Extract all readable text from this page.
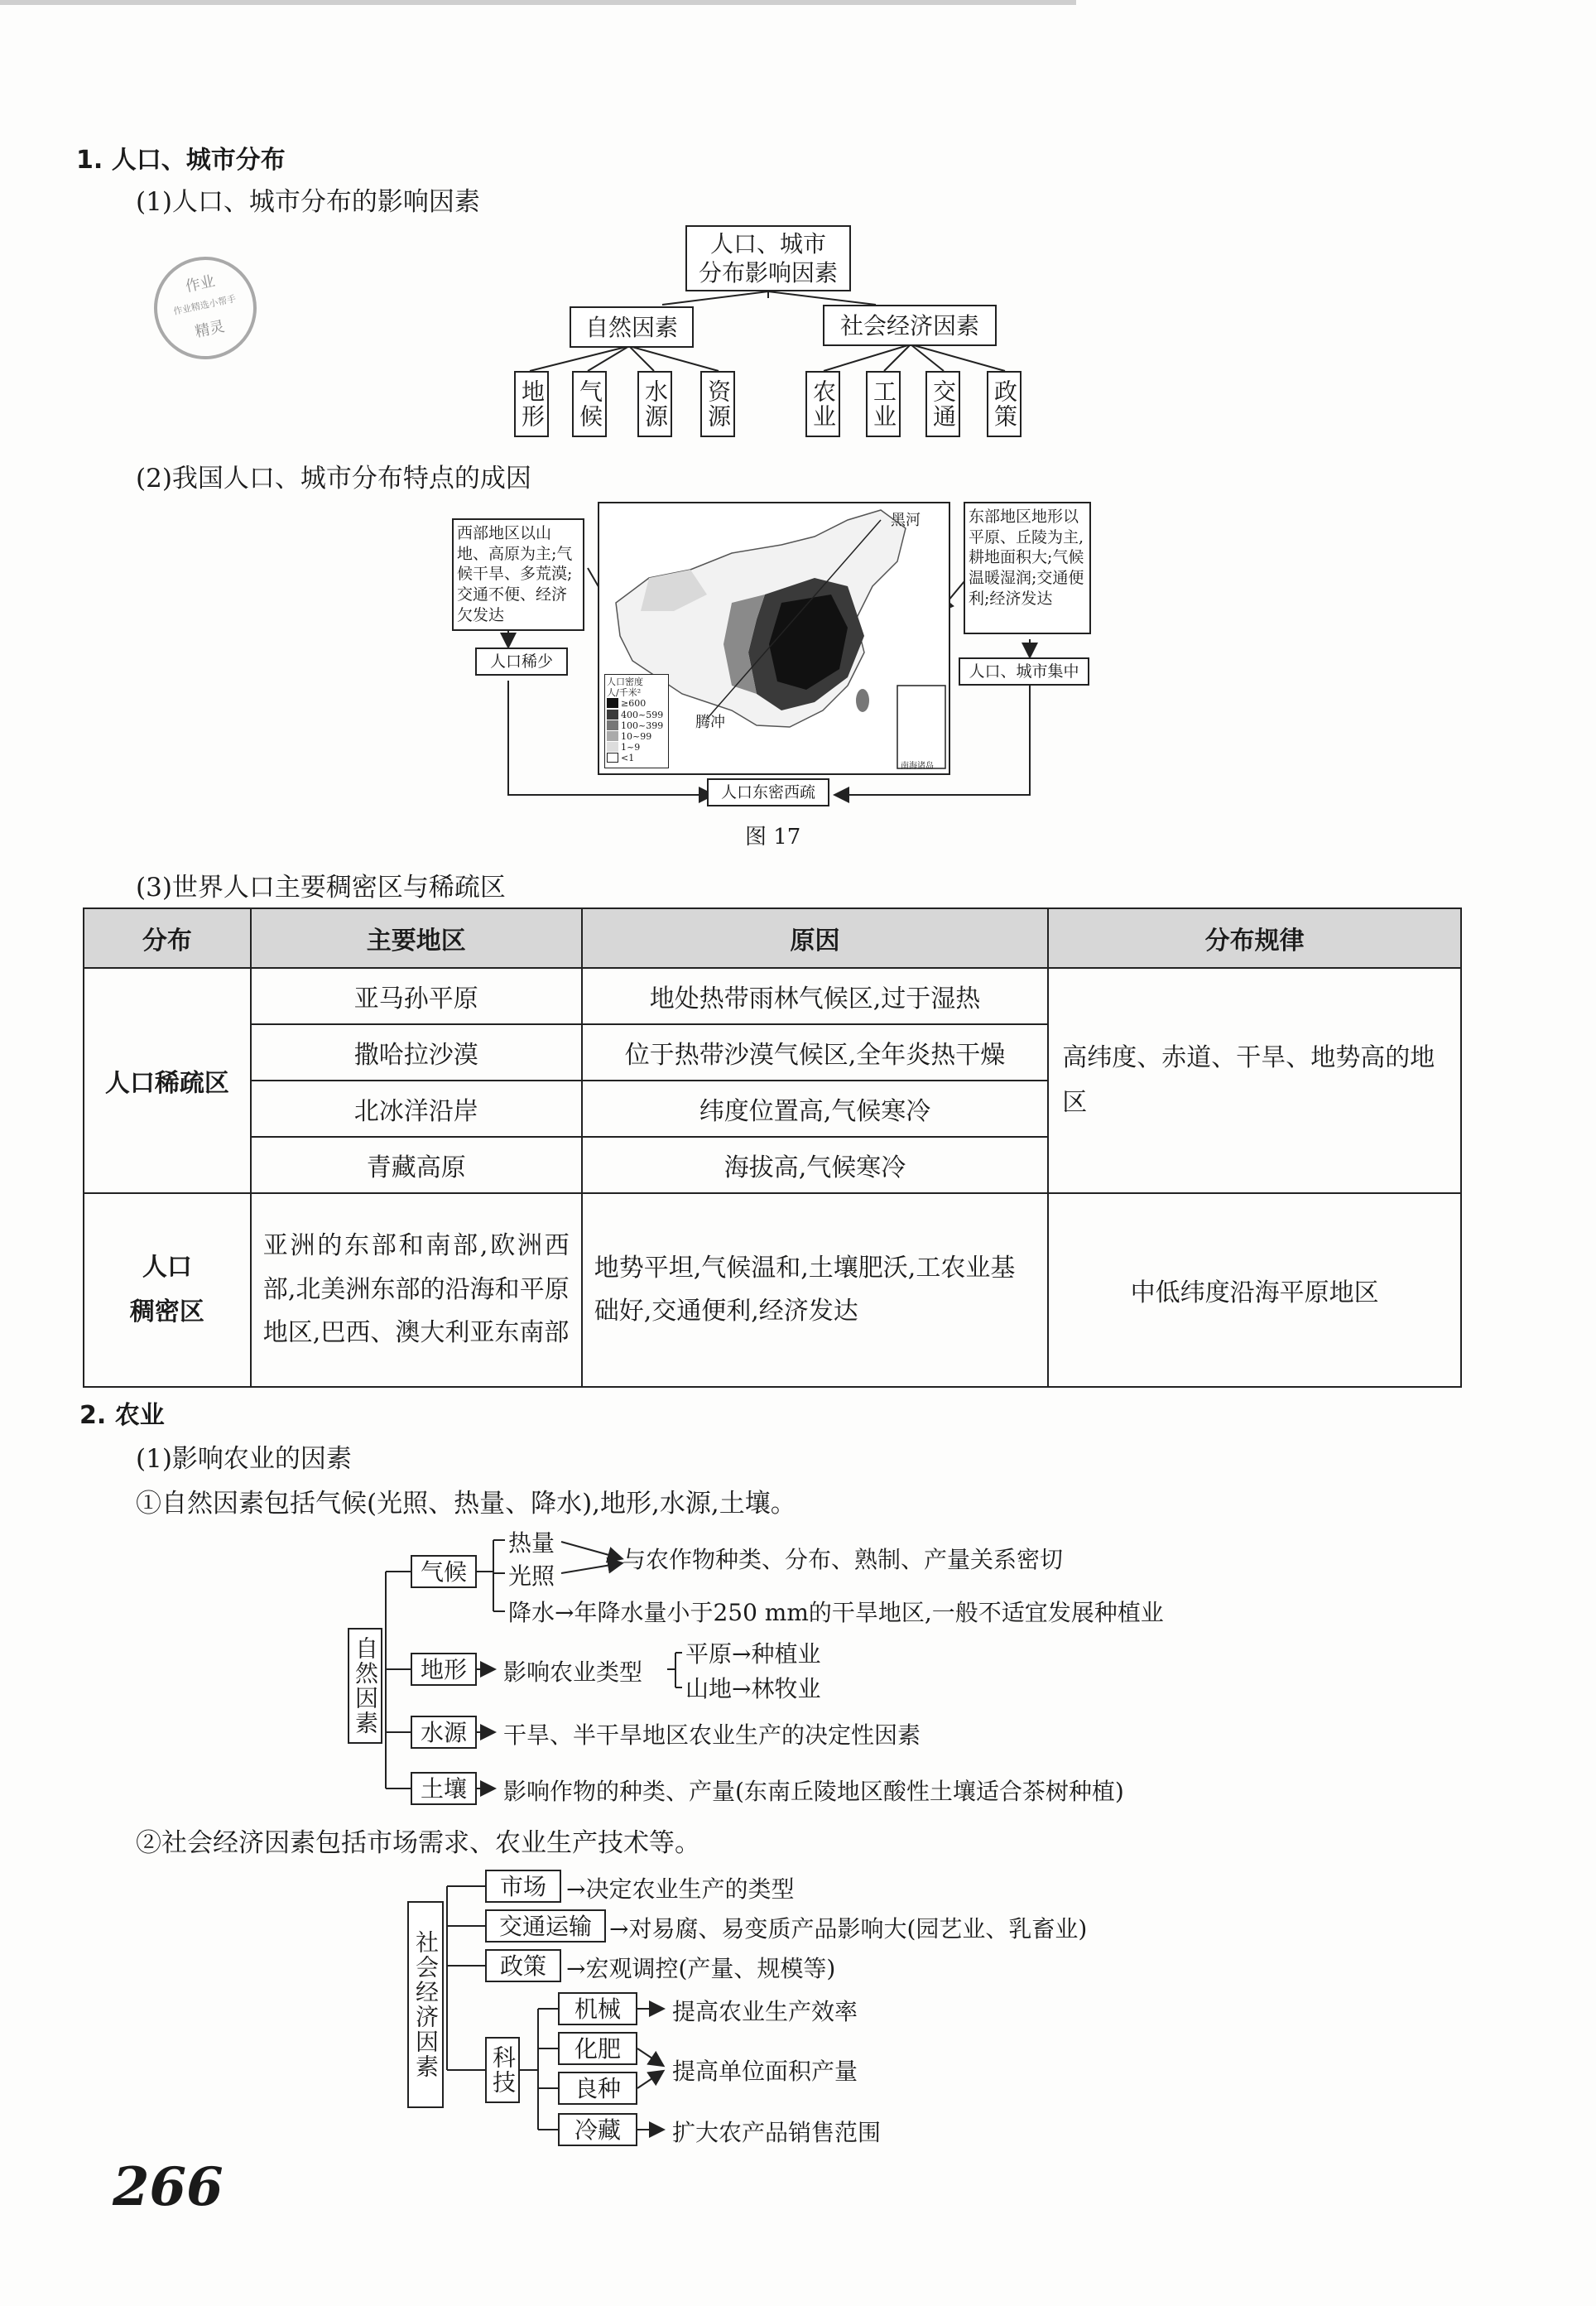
1. 人口、城市分布
(1)人口、城市分布的影响因素
作业
作业精选小帮手
精灵
人口、城市
分布影响因素
自然因素	社会经济因素
地形 气候 水源 资源	农业 工业 交通 政策
(2)我国人口、城市分布特点的成因
西部地区以山地、高原为主;气候干旱、多荒漠;交通不便、经济欠发达
人口稀少
东部地区地形以平原、丘陵为主,耕地面积大;气候温暖湿润;交通便利;经济发达
人口、城市集中
人口东密西疏
黑河
腾冲
南海诸岛
人口密度
人/千米²
≥600
400~599
100~399
10~99
1~9
<1
图 17
(3)世界人口主要稠密区与稀疏区
分布	主要地区	原因	分布规律
人口稀疏区	亚马孙平原	地处热带雨林气候区,过于湿热	高纬度、赤道、干旱、地势高的地区
	撒哈拉沙漠	位于热带沙漠气候区,全年炎热干燥	
	北冰洋沿岸	纬度位置高,气候寒冷	
	青藏高原	海拔高,气候寒冷	

人口
稠密区	亚洲的东部和南部,欧洲西部,北美洲东部的沿海和平原地区,巴西、澳大利亚东南部	地势平坦,气候温和,土壤肥沃,工农业基础好,交通便利,经济发达	中低纬度沿海平原地区
2. 农业
(1)影响农业的因素
①自然因素包括气候(光照、热量、降水),地形,水源,土壤。
自然因素
气候
热量
光照
与农作物种类、分布、熟制、产量关系密切
降水→年降水量小于250 mm的干旱地区,一般不适宜发展种植业
地形	影响农业类型
平原→种植业
山地→林牧业
水源	干旱、半干旱地区农业生产的决定性因素
土壤	影响作物的种类、产量(东南丘陵地区酸性土壤适合茶树种植)
②社会经济因素包括市场需求、农业生产技术等。
社会经济因素
市场 →决定农业生产的类型
交通运输 →对易腐、易变质产品影响大(园艺业、乳畜业)
政策 →宏观调控(产量、规模等)
科技
机械	提高农业生产效率
化肥
良种
提高单位面积产量
冷藏	扩大农产品销售范围
266
